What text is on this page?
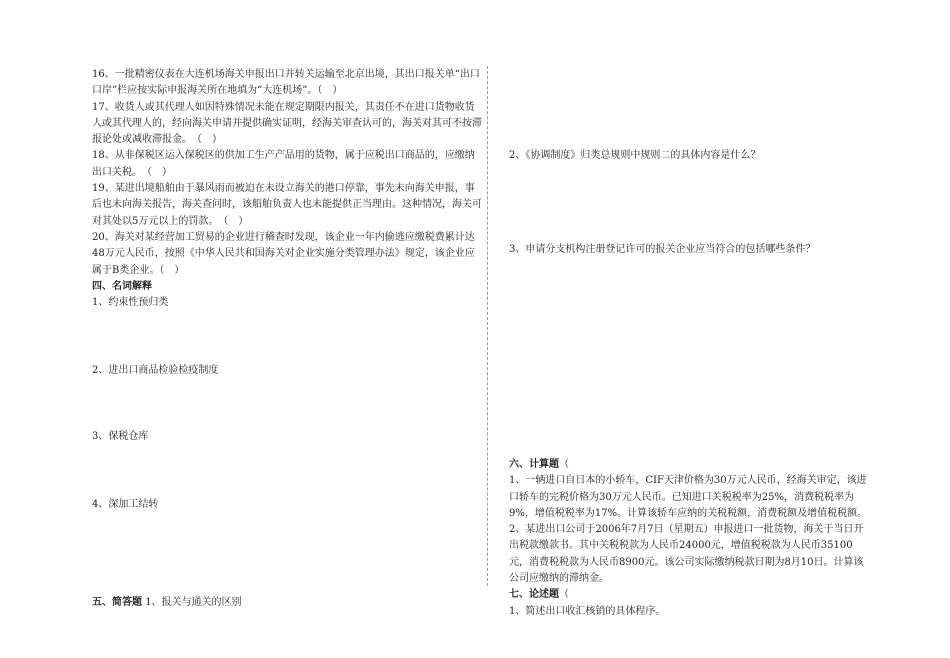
16、一批精密仪表在大连机场海关申报出口并转关运输至北京出境，其出口报关单“出口口岸”栏应按实际申报海关所在地填为“大连机场”。（　）

17、收货人或其代理人如因特殊情况未能在规定期限内报关，其责任不在进口货物收货人或其代理人的，经向海关申请并提供确实证明，经海关审查认可的，海关对其可不按滞报论处或减收滞报金。　（　）

18、从非保税区运入保税区的供加工生产产品用的货物，属于应税出口商品的，应缴纳出口关税。　（　）

19、某进出境船舶由于暴风雨而被迫在未设立海关的港口停靠，事先未向海关申报，事后也未向海关报告，海关查问时，该船舶负责人也未能提供正当理由。这种情况，海关可对其处以5万元以上的罚款。　（　）

20、海关对某经营加工贸易的企业进行稽查时发现，该企业一年内偷逃应缴税费累计达48万元人民币，按照《中华人民共和国海关对企业实施分类管理办法》规定，该企业应属于B类企业。（　）

四、名词解释

1、约束性预归类

2、进出口商品检验检疫制度

3、保税仓库

4、深加工结转

五、简答题 1、报关与通关的区别

2、《协调制度》归类总规则中规则二的具体内容是什么？

3、申请分支机构注册登记许可的报关企业应当符合的包括哪些条件？

六、计算题（

1、一辆进口自日本的小轿车，CIF天津价格为30万元人民币，经海关审定，该进口轿车的完税价格为30万元人民币。已知进口关税税率为25%，消费税税率为9%，增值税税率为17%。计算该轿车应纳的关税税额，消费税额及增值税税额。

2、某进出口公司于2006年7月7日（星期五）申报进口一批货物，海关于当日开出税款缴款书。其中关税税款为人民币24000元，增值税税款为人民币35100元，消费税税款为人民币8900元。该公司实际缴纳税款日期为8月10日。计算该公司应缴纳的滞纳金。

七、论述题（

1、简述出口收汇核销的具体程序。
